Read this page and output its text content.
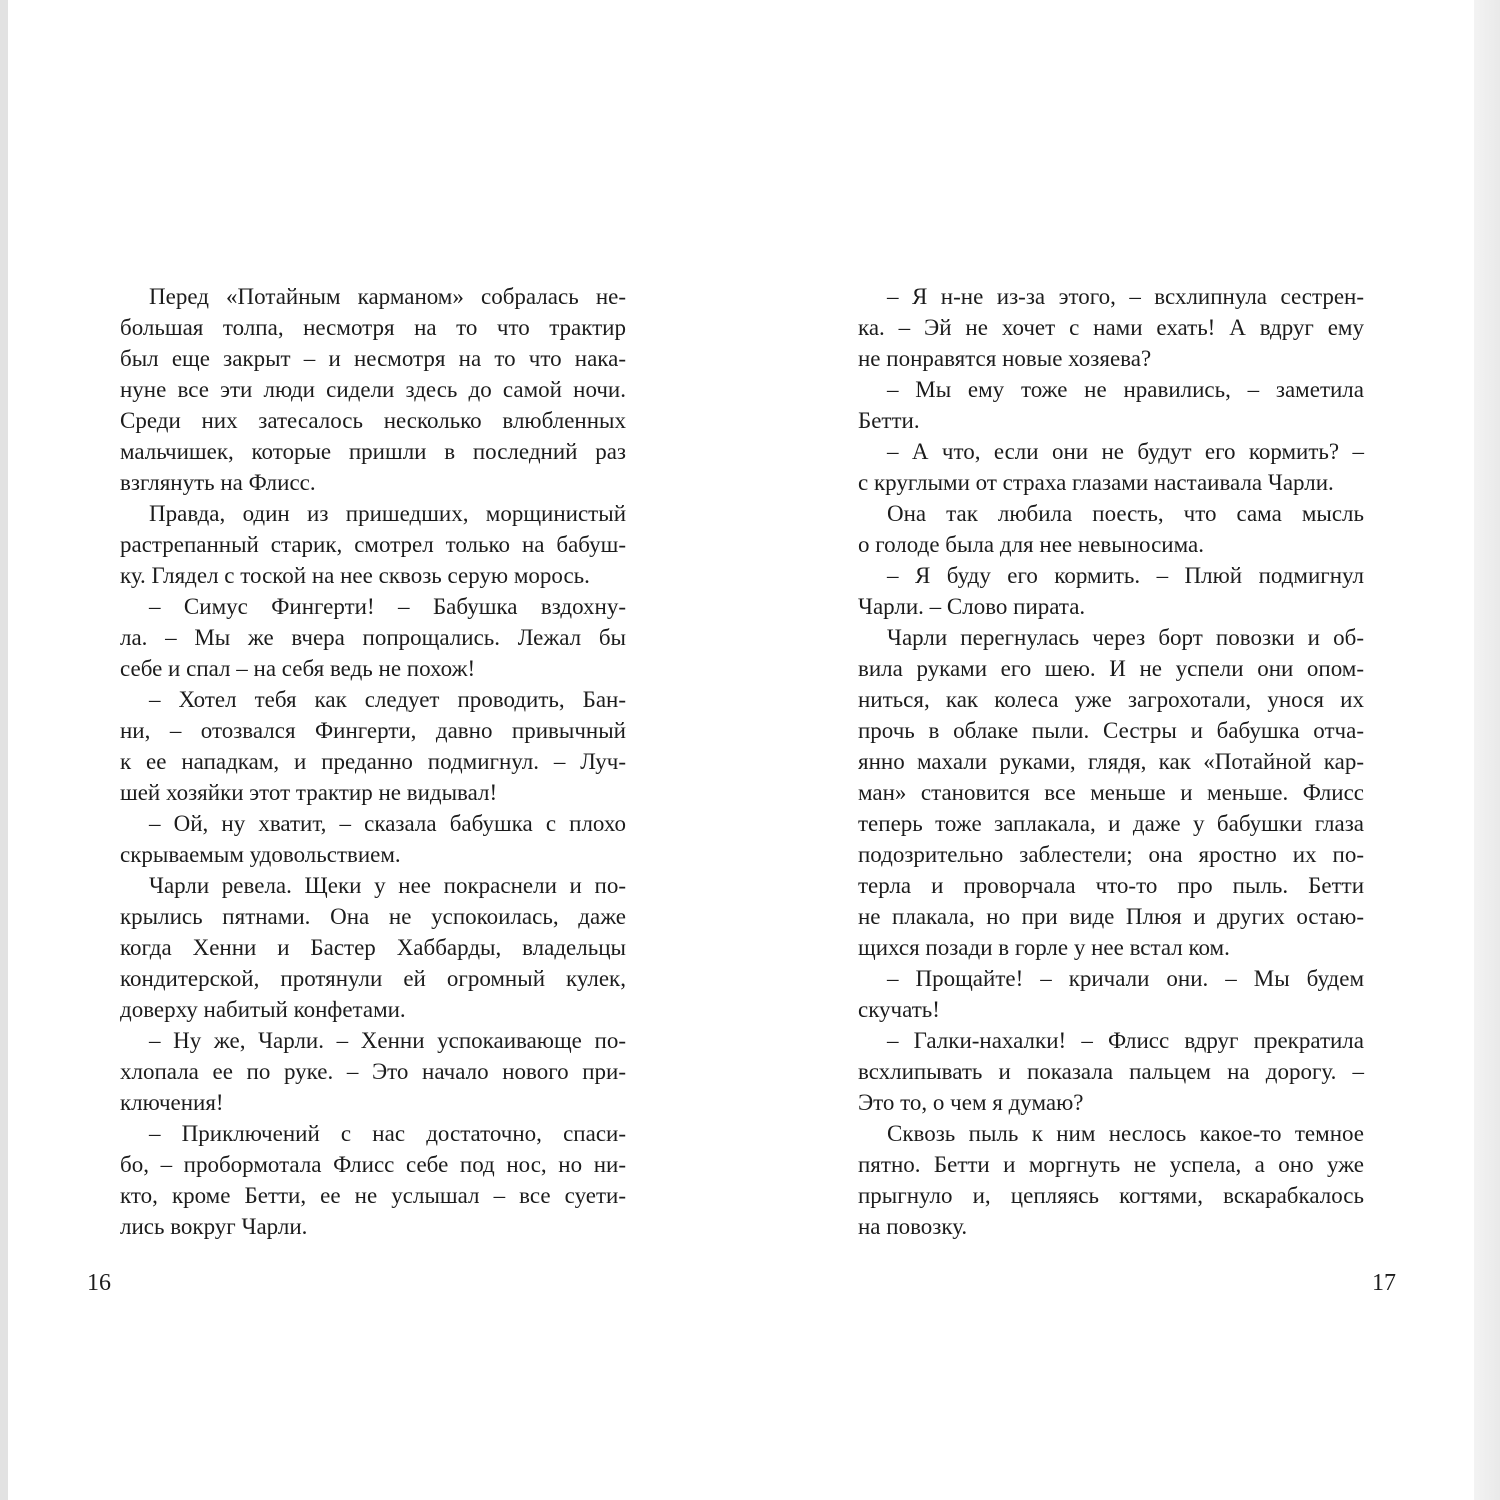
Перед «Потайным карманом» собралась не-
большая толпа, несмотря на то что трактир
был еще закрыт – и несмотря на то что нака-
нуне все эти люди сидели здесь до самой ночи.
Среди них затесалось несколько влюбленных
мальчишек, которые пришли в последний раз
взглянуть на Флисс.
Правда, один из пришедших, морщинистый
растрепанный старик, смотрел только на бабуш-
ку. Глядел с тоской на нее сквозь серую морось.
– Симус Фингерти! – Бабушка вздохну-
ла. – Мы же вчера попрощались. Лежал бы
себе и спал – на себя ведь не похож!
– Хотел тебя как следует проводить, Бан-
ни, – отозвался Фингерти, давно привычный
к ее нападкам, и преданно подмигнул. – Луч-
шей хозяйки этот трактир не видывал!
– Ой, ну хватит, – сказала бабушка с плохо
скрываемым удовольствием.
Чарли ревела. Щеки у нее покраснели и по-
крылись пятнами. Она не успокоилась, даже
когда Хенни и Бастер Хаббарды, владельцы
кондитерской, протянули ей огромный кулек,
доверху набитый конфетами.
– Ну же, Чарли. – Хенни успокаивающе по-
хлопала ее по руке. – Это начало нового при-
ключения!
– Приключений с нас достаточно, спаси-
бо, – пробормотала Флисс себе под нос, но ни-
кто, кроме Бетти, ее не услышал – все суети-
лись вокруг Чарли.
– Я н-не из-за этого, – всхлипнула сестрен-
ка. – Эй не хочет с нами ехать! А вдруг ему
не понравятся новые хозяева?
– Мы ему тоже не нравились, – заметила
Бетти.
– А что, если они не будут его кормить? –
с круглыми от страха глазами настаивала Чарли.
Она так любила поесть, что сама мысль
о голоде была для нее невыносима.
– Я буду его кормить. – Плюй подмигнул
Чарли. – Слово пирата.
Чарли перегнулась через борт повозки и об-
вила руками его шею. И не успели они опом-
ниться, как колеса уже загрохотали, унося их
прочь в облаке пыли. Сестры и бабушка отча-
янно махали руками, глядя, как «Потайной кар-
ман» становится все меньше и меньше. Флисс
теперь тоже заплакала, и даже у бабушки глаза
подозрительно заблестели; она яростно их по-
терла и проворчала что-то про пыль. Бетти
не плакала, но при виде Плюя и других остаю-
щихся позади в горле у нее встал ком.
– Прощайте! – кричали они. – Мы будем
скучать!
– Галки-нахалки! – Флисс вдруг прекратила
всхлипывать и показала пальцем на дорогу. –
Это то, о чем я думаю?
Сквозь пыль к ним неслось какое-то темное
пятно. Бетти и моргнуть не успела, а оно уже
прыгнуло и, цепляясь когтями, вскарабкалось
на повозку.
16	17
